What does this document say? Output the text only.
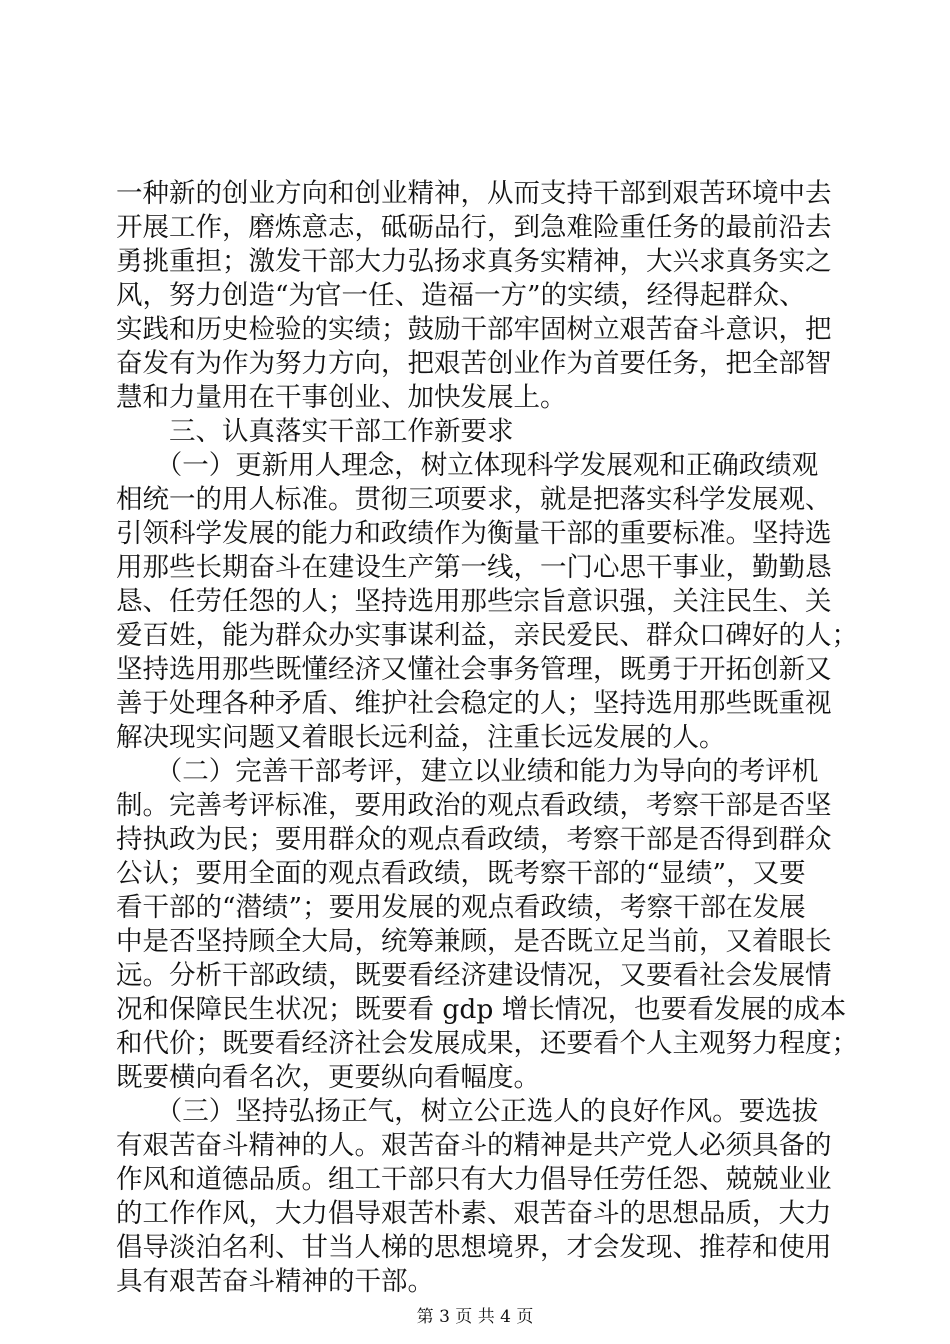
一种新的创业方向和创业精神，从而支持干部到艰苦环境中去
开展工作，磨炼意志，砥砺品行，到急难险重任务的最前沿去
勇挑重担；激发干部大力弘扬求真务实精神，大兴求真务实之
风，努力创造“为官一任、造福一方”的实绩，经得起群众、
实践和历史检验的实绩；鼓励干部牢固树立艰苦奋斗意识，把
奋发有为作为努力方向，把艰苦创业作为首要任务，把全部智
慧和力量用在干事创业、加快发展上。
　　三、认真落实干部工作新要求
　　（一）更新用人理念，树立体现科学发展观和正确政绩观
相统一的用人标准。贯彻三项要求，就是把落实科学发展观、
引领科学发展的能力和政绩作为衡量干部的重要标准。坚持选
用那些长期奋斗在建设生产第一线，一门心思干事业，勤勤恳
恳、任劳任怨的人；坚持选用那些宗旨意识强，关注民生、关
爱百姓，能为群众办实事谋利益，亲民爱民、群众口碑好的人；
坚持选用那些既懂经济又懂社会事务管理，既勇于开拓创新又
善于处理各种矛盾、维护社会稳定的人；坚持选用那些既重视
解决现实问题又着眼长远利益，注重长远发展的人。
　　（二）完善干部考评，建立以业绩和能力为导向的考评机
制。完善考评标准，要用政治的观点看政绩，考察干部是否坚
持执政为民；要用群众的观点看政绩，考察干部是否得到群众
公认；要用全面的观点看政绩，既考察干部的“显绩”，又要
看干部的“潜绩”；要用发展的观点看政绩，考察干部在发展
中是否坚持顾全大局，统筹兼顾，是否既立足当前，又着眼长
远。分析干部政绩，既要看经济建设情况，又要看社会发展情
况和保障民生状况；既要看 gdp 增长情况，也要看发展的成本
和代价；既要看经济社会发展成果，还要看个人主观努力程度；
既要横向看名次，更要纵向看幅度。
　　（三）坚持弘扬正气，树立公正选人的良好作风。要选拔
有艰苦奋斗精神的人。艰苦奋斗的精神是共产党人必须具备的
作风和道德品质。组工干部只有大力倡导任劳任怨、兢兢业业
的工作作风，大力倡导艰苦朴素、艰苦奋斗的思想品质，大力
倡导淡泊名利、甘当人梯的思想境界，才会发现、推荐和使用
具有艰苦奋斗精神的干部。
第 3 页 共 4 页
